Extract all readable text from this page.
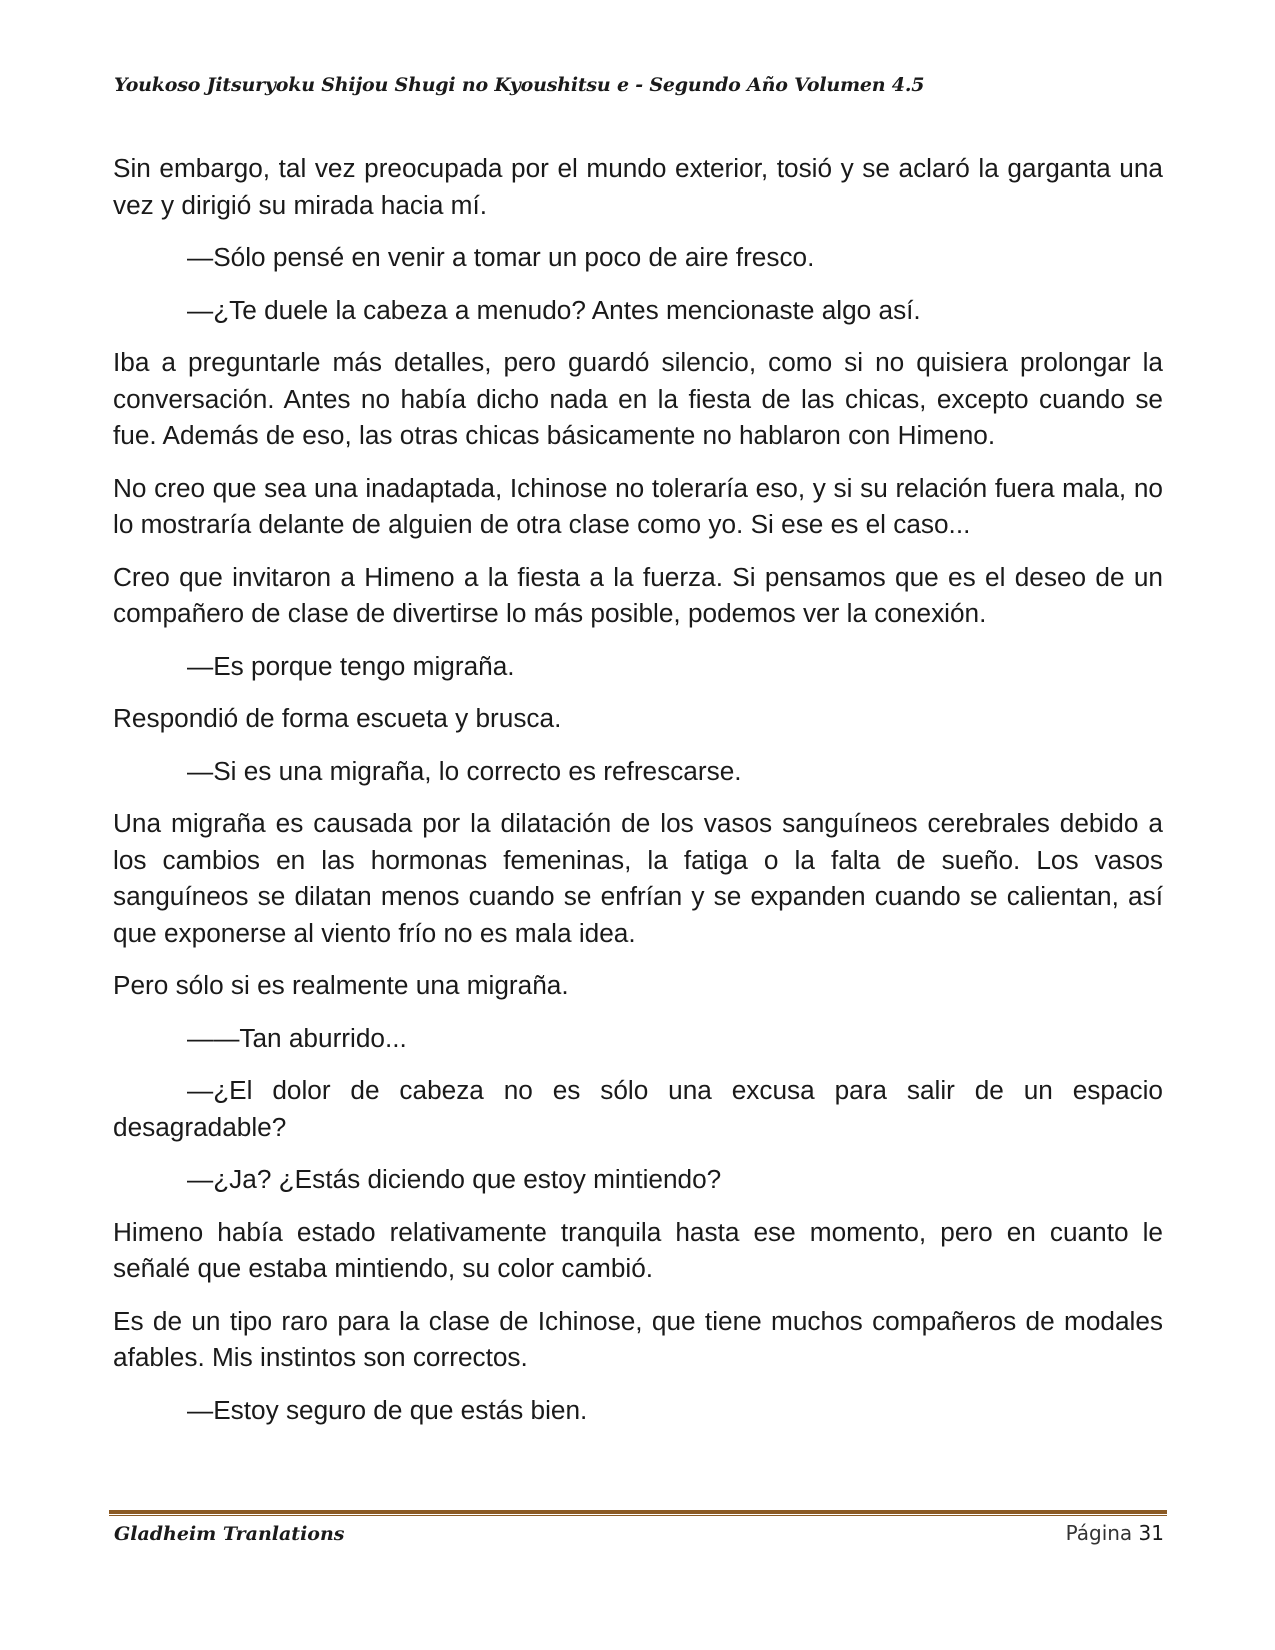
Youkoso Jitsuryoku Shijou Shugi no Kyoushitsu e - Segundo Año Volumen 4.5

Sin embargo, tal vez preocupada por el mundo exterior, tosió y se aclaró la garganta una vez y dirigió su mirada hacia mí.

—Sólo pensé en venir a tomar un poco de aire fresco.

—¿Te duele la cabeza a menudo? Antes mencionaste algo así.

Iba a preguntarle más detalles, pero guardó silencio, como si no quisiera prolongar la conversación. Antes no había dicho nada en la fiesta de las chicas, excepto cuando se fue. Además de eso, las otras chicas básicamente no hablaron con Himeno.

No creo que sea una inadaptada, Ichinose no toleraría eso, y si su relación fuera mala, no lo mostraría delante de alguien de otra clase como yo. Si ese es el caso...

Creo que invitaron a Himeno a la fiesta a la fuerza. Si pensamos que es el deseo de un compañero de clase de divertirse lo más posible, podemos ver la conexión.

—Es porque tengo migraña.

Respondió de forma escueta y brusca.

—Si es una migraña, lo correcto es refrescarse.

Una migraña es causada por la dilatación de los vasos sanguíneos cerebrales debido a los cambios en las hormonas femeninas, la fatiga o la falta de sueño. Los vasos sanguíneos se dilatan menos cuando se enfrían y se expanden cuando se calientan, así que exponerse al viento frío no es mala idea.

Pero sólo si es realmente una migraña.

——Tan aburrido...

—¿El dolor de cabeza no es sólo una excusa para salir de un espacio desagradable?

—¿Ja? ¿Estás diciendo que estoy mintiendo?

Himeno había estado relativamente tranquila hasta ese momento, pero en cuanto le señalé que estaba mintiendo, su color cambió.

Es de un tipo raro para la clase de Ichinose, que tiene muchos compañeros de modales afables. Mis instintos son correctos.

—Estoy seguro de que estás bien.

Gladheim Tranlations	Página 31
